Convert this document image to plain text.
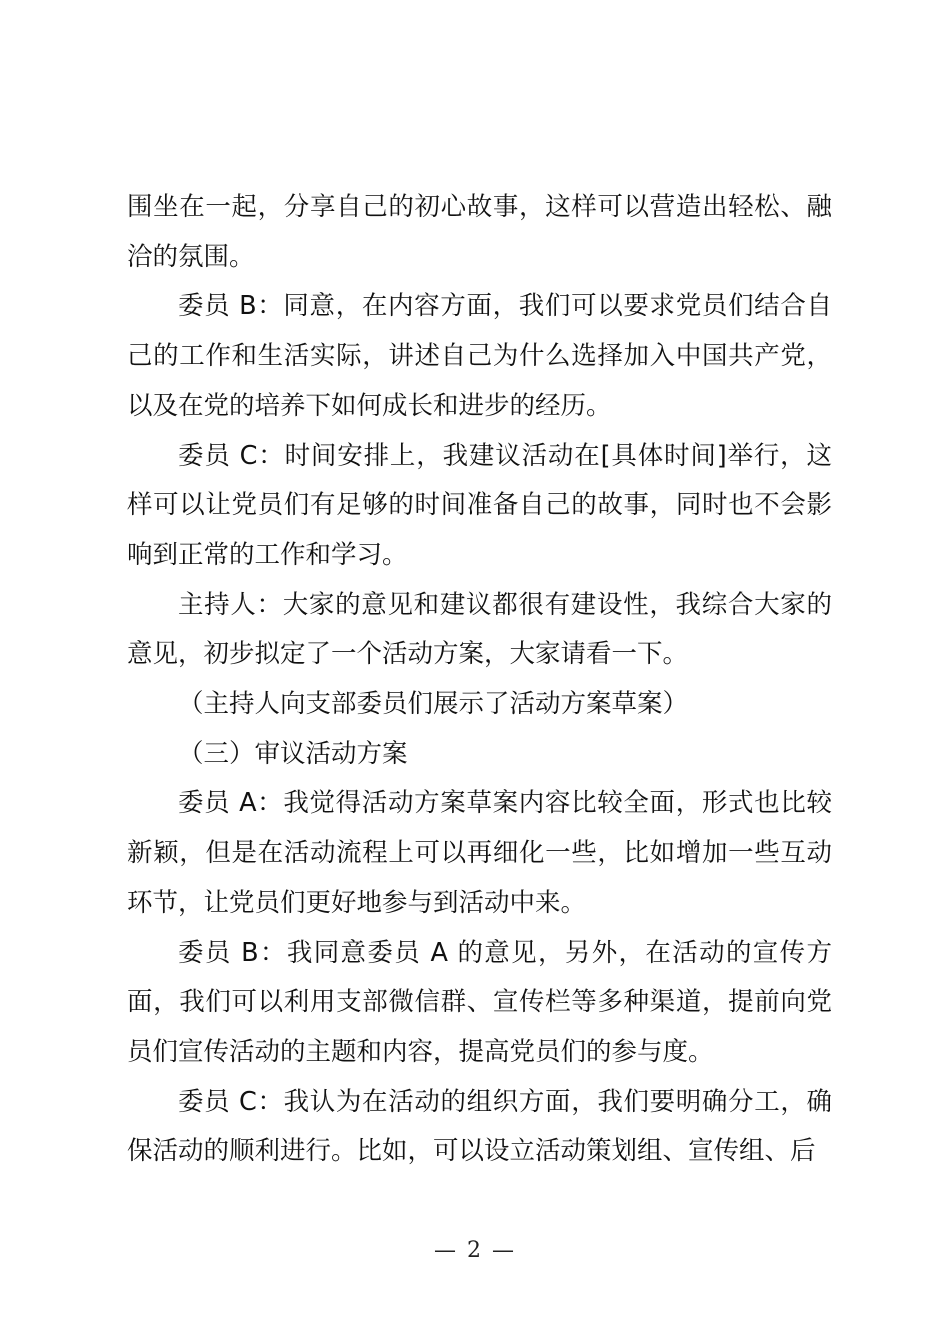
围坐在一起，分享自己的初心故事，这样可以营造出轻松、融洽的氛围。

委员 B：同意，在内容方面，我们可以要求党员们结合自己的工作和生活实际，讲述自己为什么选择加入中国共产党，以及在党的培养下如何成长和进步的经历。

委员 C：时间安排上，我建议活动在[具体时间]举行，这样可以让党员们有足够的时间准备自己的故事，同时也不会影响到正常的工作和学习。

主持人：大家的意见和建议都很有建设性，我综合大家的意见，初步拟定了一个活动方案，大家请看一下。

（主持人向支部委员们展示了活动方案草案）

（三）审议活动方案

委员 A：我觉得活动方案草案内容比较全面，形式也比较新颖，但是在活动流程上可以再细化一些，比如增加一些互动环节，让党员们更好地参与到活动中来。

委员 B：我同意委员 A 的意见，另外，在活动的宣传方面，我们可以利用支部微信群、宣传栏等多种渠道，提前向党员们宣传活动的主题和内容，提高党员们的参与度。

委员 C：我认为在活动的组织方面，我们要明确分工，确保活动的顺利进行。比如，可以设立活动策划组、宣传组、后

— 2 —
